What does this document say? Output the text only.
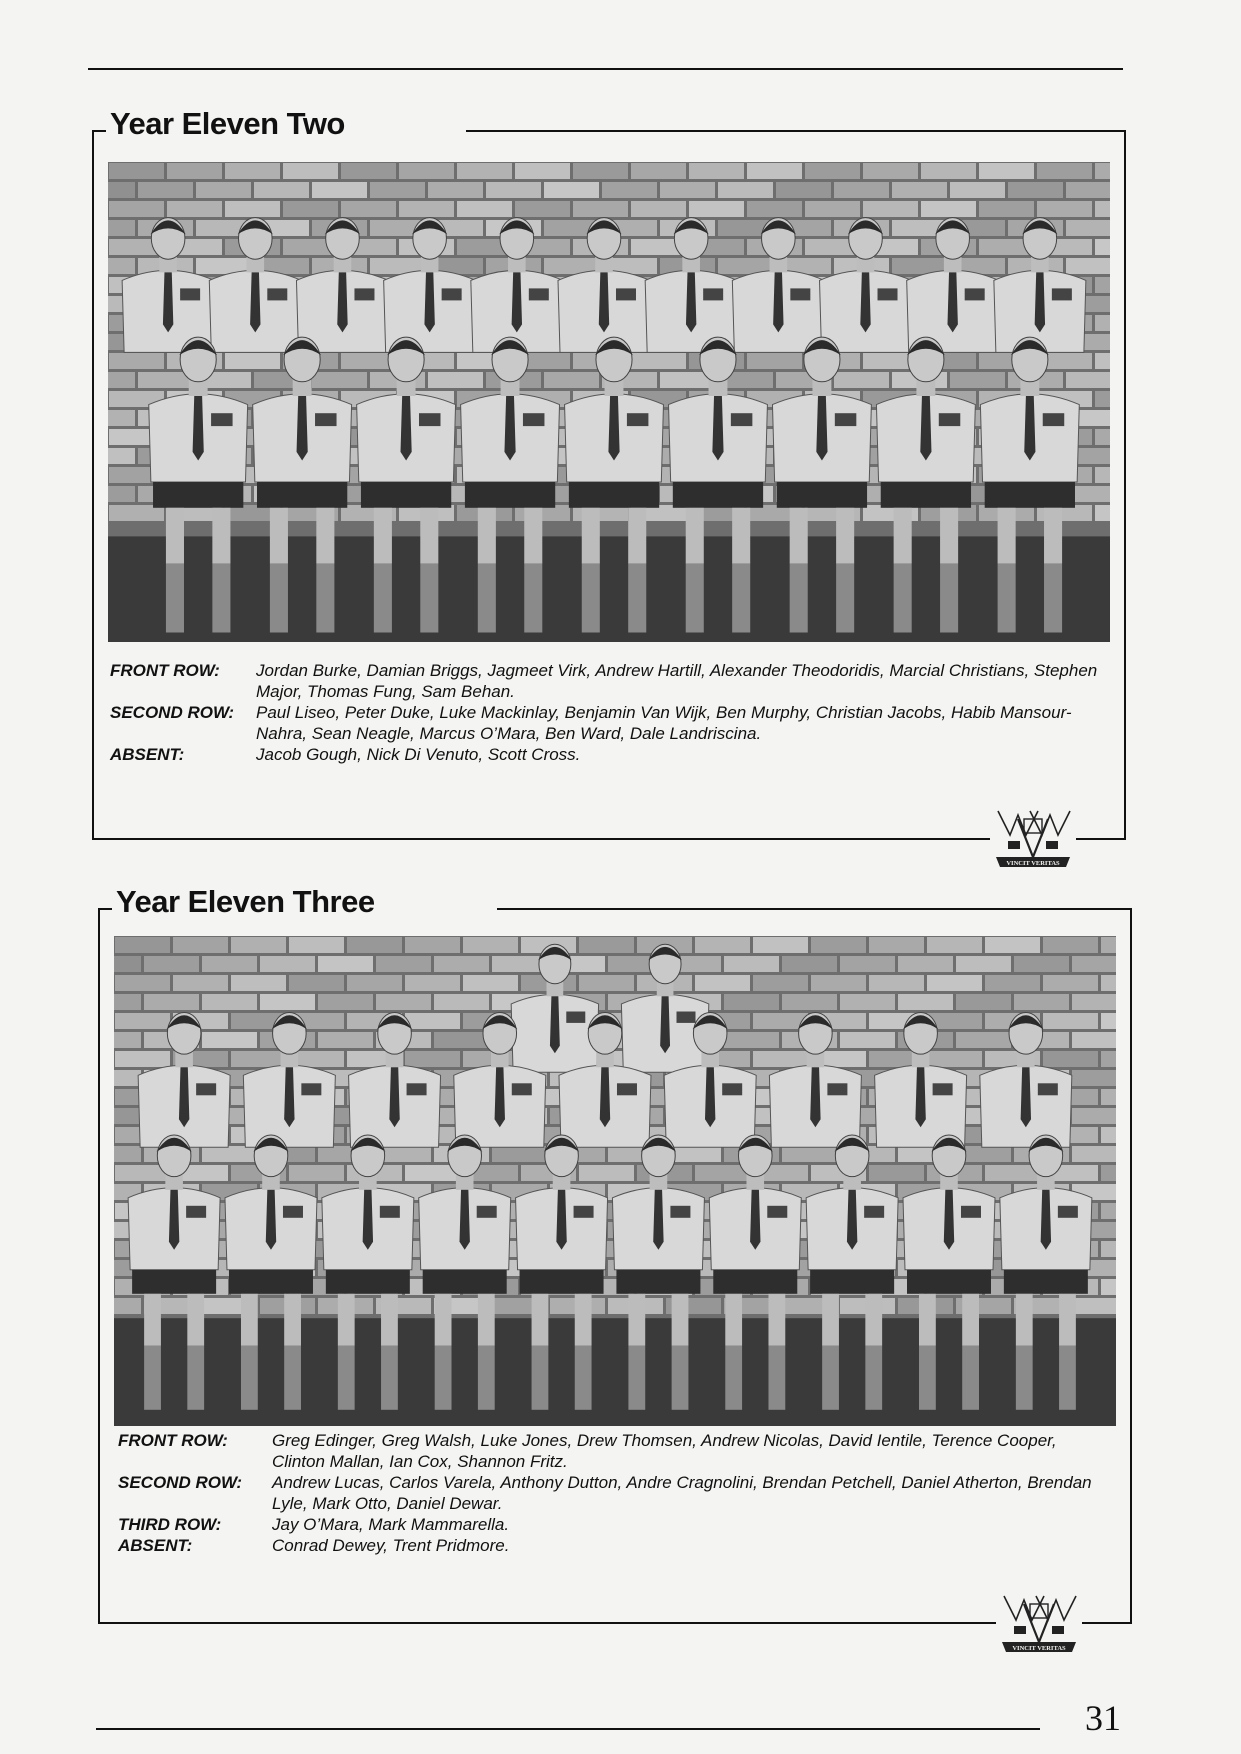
Year Eleven Two
FRONT ROW:	Jordan Burke, Damian Briggs, Jagmeet Virk, Andrew Hartill, Alexander Theodoridis, Marcial Christians, Stephen Major, Thomas Fung, Sam Behan.
SECOND ROW:	Paul Liseo, Peter Duke, Luke Mackinlay, Benjamin Van Wijk, Ben Murphy, Christian Jacobs, Habib Mansour-Nahra, Sean Neagle, Marcus O’Mara, Ben Ward, Dale Landriscina.
ABSENT:	Jacob Gough, Nick Di Venuto, Scott Cross.
VINCIT VERITAS
Year Eleven Three
FRONT ROW:	Greg Edinger, Greg Walsh, Luke Jones, Drew Thomsen, Andrew Nicolas, David Ientile, Terence Cooper, Clinton Mallan, Ian Cox, Shannon Fritz.
SECOND ROW:	Andrew Lucas, Carlos Varela, Anthony Dutton, Andre Cragnolini, Brendan Petchell, Daniel Atherton, Brendan Lyle, Mark Otto, Daniel Dewar.
THIRD ROW:	Jay O’Mara, Mark Mammarella.
ABSENT:	Conrad Dewey, Trent Pridmore.
VINCIT VERITAS
31
